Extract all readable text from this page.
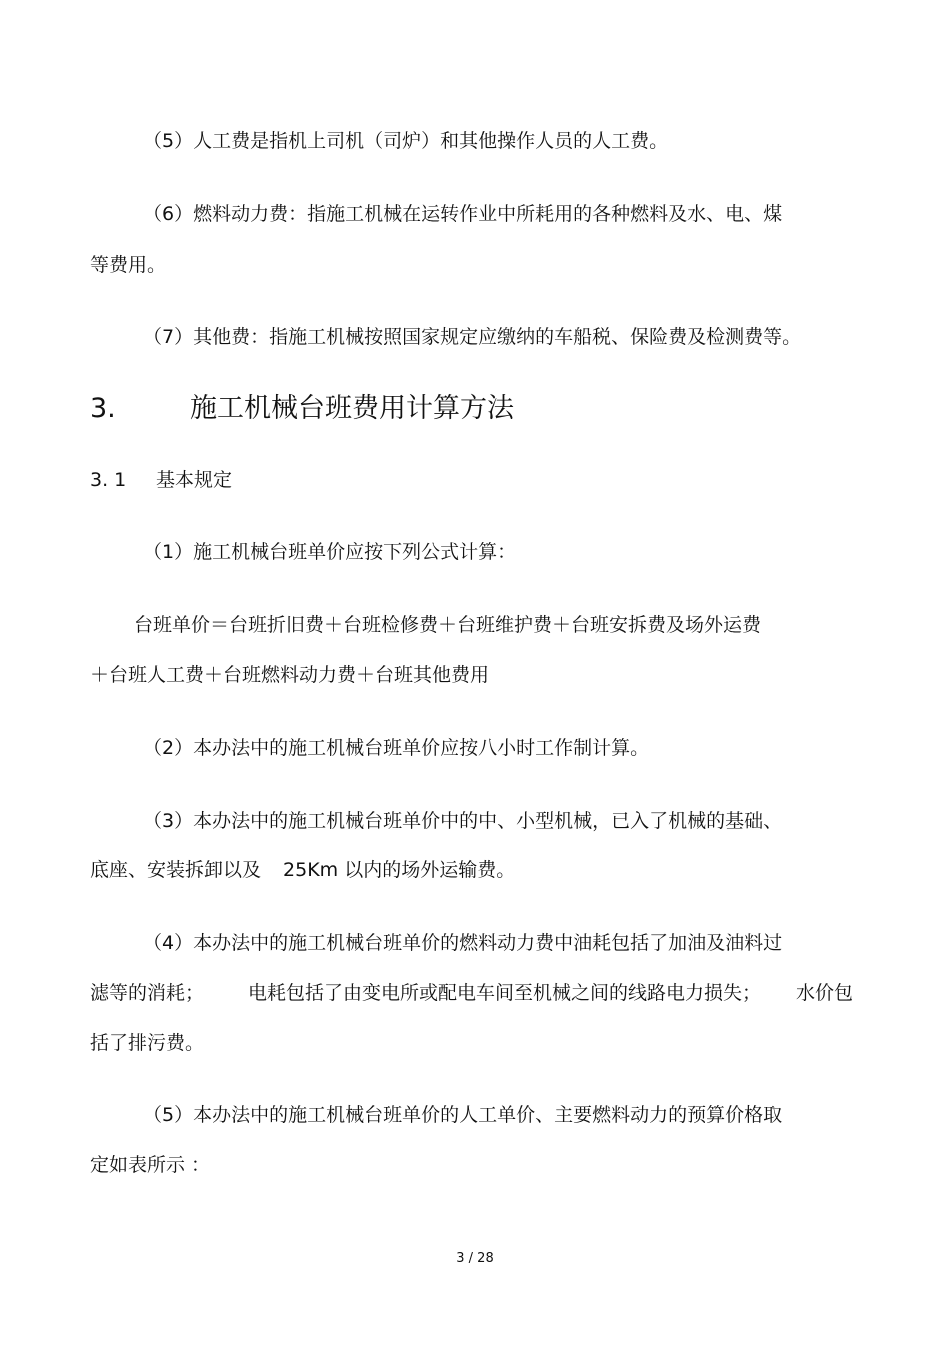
（5）人工费是指机上司机（司炉）和其他操作人员的人工费。
（6）燃料动力费：指施工机械在运转作业中所耗用的各种燃料及水、电、煤
等费用。
（7）其他费：指施工机械按照国家规定应缴纳的车船税、保险费及检测费等。
3.	施工机械台班费用计算方法
3. 1 基本规定
（1）施工机械台班单价应按下列公式计算：
台班单价＝台班折旧费＋台班检修费＋台班维护费＋台班安拆费及场外运费
＋台班人工费＋台班燃料动力费＋台班其他费用
（2）本办法中的施工机械台班单价应按八小时工作制计算。
（3）本办法中的施工机械台班单价中的中、小型机械，已入了机械的基础、
底座、安装拆卸以及 25Km 以内的场外运输费。
（4）本办法中的施工机械台班单价的燃料动力费中油耗包括了加油及油料过
滤等的消耗； 电耗包括了由变电所或配电车间至机械之间的线路电力损失； 水价包
括了排污费。
（5）本办法中的施工机械台班单价的人工单价、主要燃料动力的预算价格取
定如表所示 ：
3 / 28
